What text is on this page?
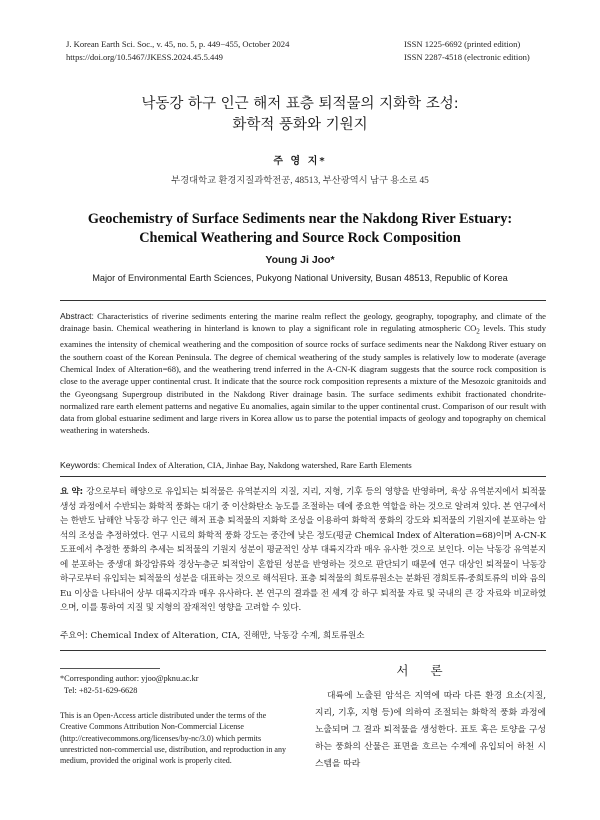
J. Korean Earth Sci. Soc., v. 45, no. 5, p. 449−455, October 2024
https://doi.org/10.5467/JKESS.2024.45.5.449
ISSN 1225-6692 (printed edition)
ISSN 2287-4518 (electronic edition)
낙동강 하구 인근 해저 표층 퇴적물의 지화학 조성:
화학적 풍화와 기원지
주 영 지*
부경대학교 환경지질과학전공, 48513, 부산광역시 남구 용소로 45
Geochemistry of Surface Sediments near the Nakdong River Estuary:
Chemical Weathering and Source Rock Composition
Young Ji Joo*
Major of Environmental Earth Sciences, Pukyong National University, Busan 48513, Republic of Korea
Abstract: Characteristics of riverine sediments entering the marine realm reflect the geology, geography, topography, and climate of the drainage basin. Chemical weathering in hinterland is known to play a significant role in regulating atmospheric $CO_2$ levels. This study examines the intensity of chemical weathering and the composition of source rocks of surface sediments near the Nakdong River estuary on the southern coast of the Korean Peninsula. The degree of chemical weathering of the study samples is relatively low to moderate (average Chemical Index of Alteration=68), and the weathering trend inferred in the A-CN-K diagram suggests that the source rock composition is close to the average upper continental crust. It indicate that the source rock composition represents a mixture of the Mesozoic granitoids and the Gyeongsang Supergroup distributed in the Nakdong River drainage basin. The surface sediments exhibit fractionated chondrite-normalized rare earth element patterns and negative Eu anomalies, again similar to the upper continental crust. Comparison of our result with data from global estuarine sediment and large rivers in Korea allow us to parse the potential impacts of geology and topography on chemical weathering in watersheds.
Keywords: Chemical Index of Alteration, CIA, Jinhae Bay, Nakdong watershed, Rare Earth Elements
요 약: 강으로부터 해양으로 유입되는 퇴적물은 유역분지의 지질, 지리, 지형, 기후 등의 영향을 반영하며, 육상 유역분지에서 퇴적물 생성 과정에서 수반되는 화학적 풍화는 대기 중 이산화탄소 농도를 조절하는 데에 중요한 역할을 하는 것으로 알려져 있다. 본 연구에서는 한반도 남해안 낙동강 하구 인근 해저 표층 퇴적물의 지화학 조성을 이용하여 화학적 풍화의 강도와 퇴적물의 기원지에 분포하는 암석의 조성을 추정하였다. 연구 시료의 화학적 풍화 강도는 중간에 낮은 정도(평균 Chemical Index of Alteration=68)이며 A-CN-K 도표에서 추정한 풍화의 추세는 퇴적물의 기원지 성분이 평균적인 상부 대륙지각과 매우 유사한 것으로 보인다. 이는 낙동강 유역분지에 분포하는 중생대 화강암류와 경상누층군 퇴적암이 혼합된 성분을 반영하는 것으로 판단되기 때문에 연구 대상인 퇴적물이 낙동강 하구로부터 유입되는 퇴적물의 성분을 대표하는 것으로 해석된다. 표층 퇴적물의 희토류원소는 분화된 경희토류-중희토류의 비와 음의 Eu 이상을 나타내어 상부 대륙지각과 매우 유사하다. 본 연구의 결과를 전 세계 강 하구 퇴적물 자료 및 국내의 큰 강 자료와 비교하였으며, 이를 통하여 지질 및 지형의 잠재적인 영향을 고려할 수 있다.
주요어: Chemical Index of Alteration, CIA, 진해만, 낙동강 수계, 희토류원소
*Corresponding author: yjoo@pknu.ac.kr
Tel: +82-51-629-6628
This is an Open-Access article distributed under the terms of the Creative Commons Attribution Non-Commercial License (http://creativecommons.org/licenses/by-nc/3.0) which permits unrestricted non-commercial use, distribution, and reproduction in any medium, provided the original work is properly cited.
서론
대륙에 노출된 암석은 지역에 따라 다른 환경 요소(지질, 지리, 기후, 지형 등)에 의하여 조절되는 화학적 풍화 과정에 노출되며 그 결과 퇴적물을 생성한다. 표토 혹은 토양을 구성하는 풍화의 산물은 표면을 흐르는 수계에 유입되어 하천 시스템을 따라
